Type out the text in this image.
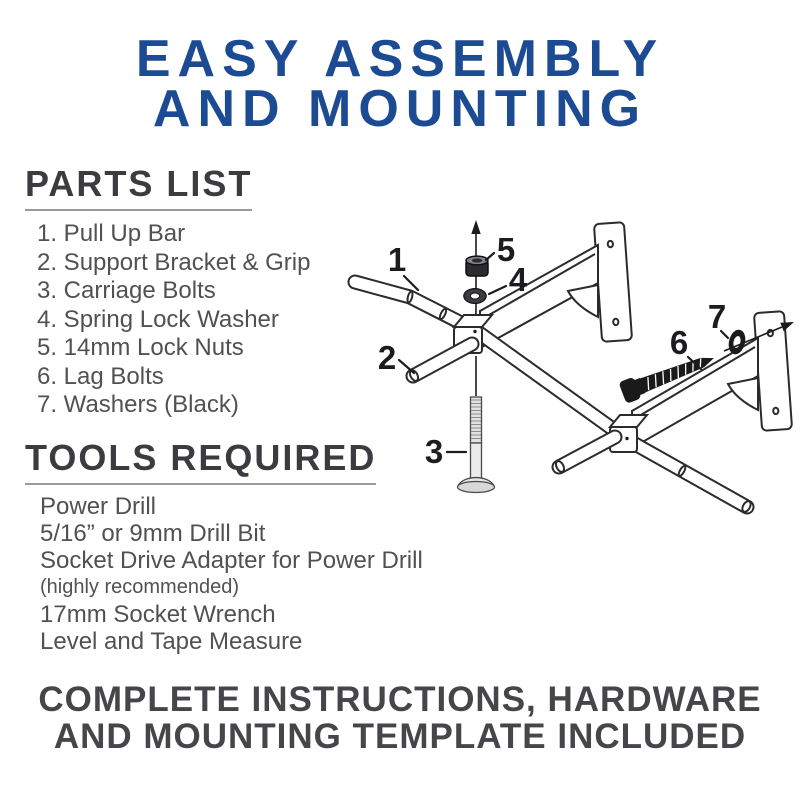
EASY ASSEMBLY
AND MOUNTING
PARTS LIST
1. Pull Up Bar
2. Support Bracket & Grip
3. Carriage Bolts
4. Spring Lock Washer
5. 14mm Lock Nuts
6. Lag Bolts
7. Washers (Black)
1
2
3
4
5
6
7
TOOLS REQUIRED
Power Drill
5/16” or 9mm Drill Bit
Socket Drive Adapter for Power Drill
(highly recommended)
17mm Socket Wrench
Level and Tape Measure
COMPLETE INSTRUCTIONS, HARDWARE
AND MOUNTING TEMPLATE INCLUDED
